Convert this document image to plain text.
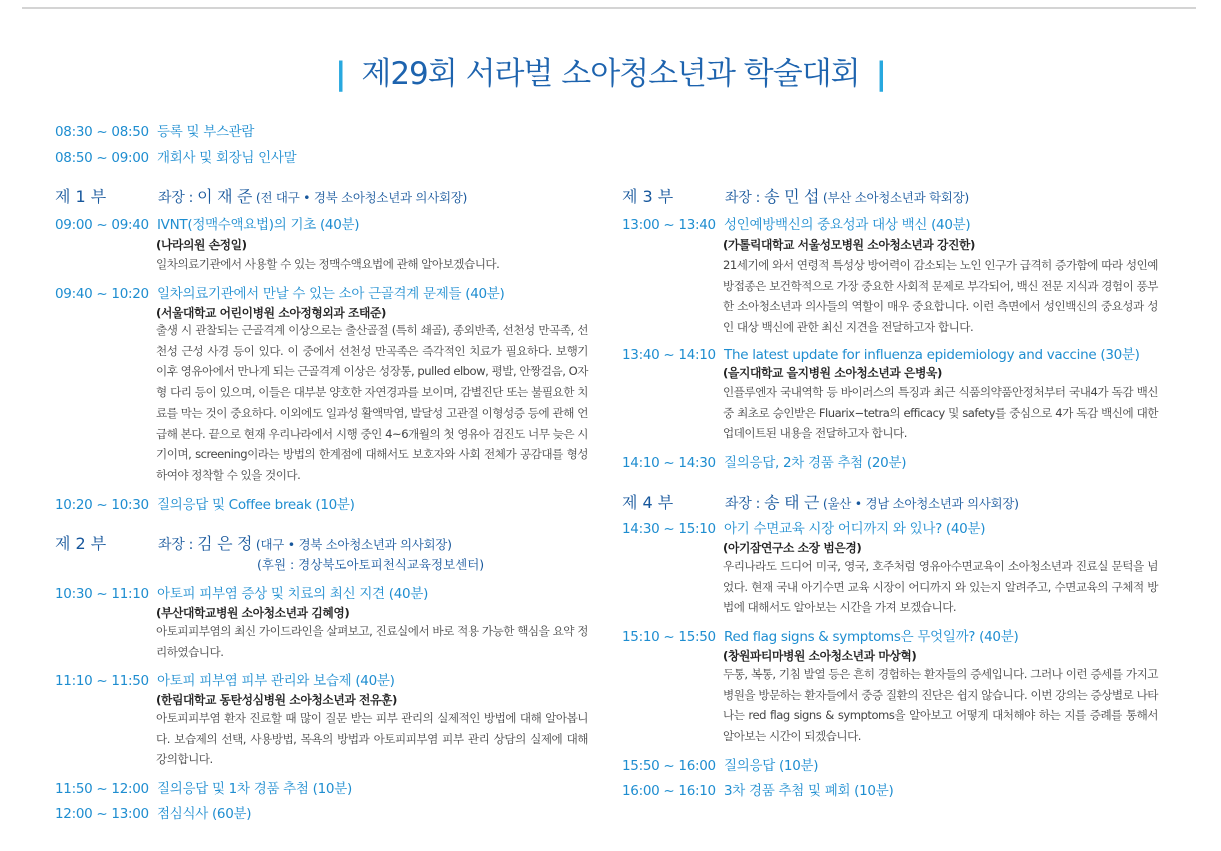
| 제29회 서라벌 소아청소년과 학술대회 |
08:30 ~ 08:50 등록 및 부스관람
08:50 ~ 09:00 개회사 및 회장님 인사말
제 1 부	좌장 : 이 재 준 (전 대구 • 경북 소아청소년과 의사회장)
09:00 ~ 09:40 IVNT(정맥수액요법)의 기초 (40분)
(나라의원 손정일)
일차의료기관에서 사용할 수 있는 정맥수액요법에 관해 알아보겠습니다.
09:40 ~ 10:20 일차의료기관에서 만날 수 있는 소아 근골격계 문제들 (40분)
(서울대학교 어린이병원 소아정형외과 조태준)
출생 시 관찰되는 근골격계 이상으로는 출산골절 (특히 쇄골), 종외반족, 선천성 만곡족, 선천성 근성 사경 등이 있다. 이 중에서 선천성 만곡족은 즉각적인 치료가 필요하다. 보행기 이후 영유아에서 만나게 되는 근골격계 이상은 성장통, pulled elbow, 평발, 안짱걸음, O자형 다리 등이 있으며, 이들은 대부분 양호한 자연경과를 보이며, 감별진단 또는 불필요한 치료를 막는 것이 중요하다. 이외에도 일과성 활액막염, 발달성 고관절 이형성증 등에 관해 언급해 본다. 끝으로 현재 우리나라에서 시행 중인 4~6개월의 첫 영유아 검진도 너무 늦은 시기이며, screening이라는 방법의 한계점에 대해서도 보호자와 사회 전체가 공감대를 형성하여야 정착할 수 있을 것이다.
10:20 ~ 10:30 질의응답 및 Coffee break (10분)
제 2 부	좌장 : 김 은 정 (대구 • 경북 소아청소년과 의사회장)
(후원 : 경상북도아토피천식교육정보센터)
10:30 ~ 11:10 아토피 피부염 증상 및 치료의 최신 지견 (40분)
(부산대학교병원 소아청소년과 김혜영)
아토피피부염의 최신 가이드라인을 살펴보고, 진료실에서 바로 적용 가능한 핵심을 요약 정리하였습니다.
11:10 ~ 11:50 아토피 피부염 피부 관리와 보습제 (40분)
(한림대학교 동탄성심병원 소아청소년과 전유훈)
아토피피부염 환자 진료할 때 많이 질문 받는 피부 관리의 실제적인 방법에 대해 알아봅니다. 보습제의 선택, 사용방법, 목욕의 방법과 아토피피부염 피부 관리 상담의 실제에 대해 강의합니다.
11:50 ~ 12:00 질의응답 및 1차 경품 추첨 (10분)
12:00 ~ 13:00 점심식사 (60분)
제 3 부	좌장 : 송 민 섭 (부산 소아청소년과 학회장)
13:00 ~ 13:40 성인예방백신의 중요성과 대상 백신 (40분)
(가톨릭대학교 서울성모병원 소아청소년과 강진한)
21세기에 와서 연령적 특성상 방어력이 감소되는 노인 인구가 급격히 증가함에 따라 성인예방접종은 보건학적으로 가장 중요한 사회적 문제로 부각되어, 백신 전문 지식과 경험이 풍부한 소아청소년과 의사들의 역할이 매우 중요합니다. 이런 측면에서 성인백신의 중요성과 성인 대상 백신에 관한 최신 지견을 전달하고자 합니다.
13:40 ~ 14:10 The latest update for influenza epidemiology and vaccine (30분)
(을지대학교 을지병원 소아청소년과 은병욱)
인플루엔자 국내역학 등 바이러스의 특징과 최근 식품의약품안정처부터 국내4가 독감 백신 중 최초로 승인받은 Fluarix−tetra의 efficacy 및 safety를 중심으로 4가 독감 백신에 대한 업데이트된 내용을 전달하고자 합니다.
14:10 ~ 14:30 질의응답, 2차 경품 추첨 (20분)
제 4 부	좌장 : 송 태 근 (울산 • 경남 소아청소년과 의사회장)
14:30 ~ 15:10 아기 수면교육 시장 어디까지 와 있나? (40분)
(아기잠연구소 소장 범은경)
우리나라도 드디어 미국, 영국, 호주처럼 영유아수면교육이 소아청소년과 진료실 문턱을 넘었다. 현재 국내 아기수면 교육 시장이 어디까지 와 있는지 알려주고, 수면교육의 구체적 방법에 대해서도 알아보는 시간을 가져 보겠습니다.
15:10 ~ 15:50 Red flag signs & symptoms은 무엇일까? (40분)
(창원파티마병원 소아청소년과 마상혁)
두통, 복통, 기침 발열 등은 흔히 경험하는 환자들의 증세입니다. 그러나 이런 증세를 가지고 병원을 방문하는 환자들에서 중증 질환의 진단은 쉽지 않습니다. 이번 강의는 증상별로 나타나는 red flag signs & symptoms을 알아보고 어떻게 대처해야 하는 지를 증례를 통해서 알아보는 시간이 되겠습니다.
15:50 ~ 16:00 질의응답 (10분)
16:00 ~ 16:10 3차 경품 추첨 및 폐회 (10분)
